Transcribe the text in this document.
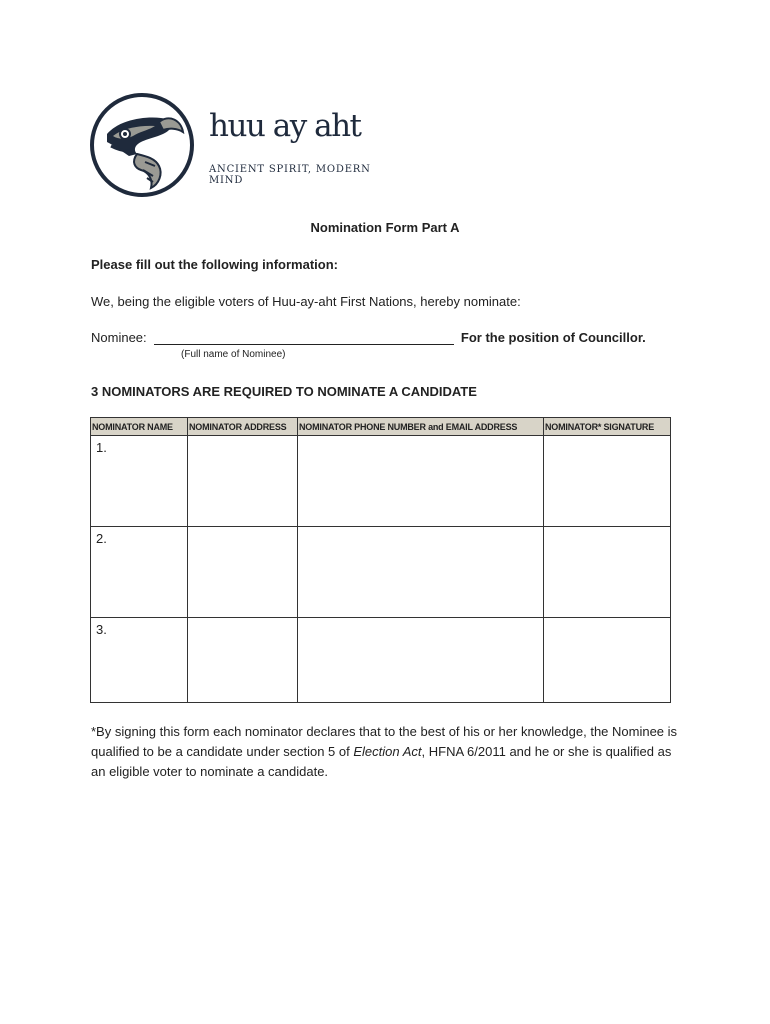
huu ay aht
ANCIENT SPIRIT, MODERN MIND
Nomination Form Part A
Please fill out the following information:
We, being the eligible voters of Huu-ay-aht First Nations, hereby nominate:
Nominee:	For the position of Councillor.
(Full name of Nominee)
3 NOMINATORS ARE REQUIRED TO NOMINATE A CANDIDATE
NOMINATOR NAME	NOMINATOR ADDRESS	NOMINATOR PHONE NUMBER and EMAIL ADDRESS	NOMINATOR* SIGNATURE
1.			
2.			
3.			
*By signing this form each nominator declares that to the best of his or her knowledge, the Nominee is qualified to be a candidate under section 5 of Election Act, HFNA 6/2011 and he or she is qualified as an eligible voter to nominate a candidate.
